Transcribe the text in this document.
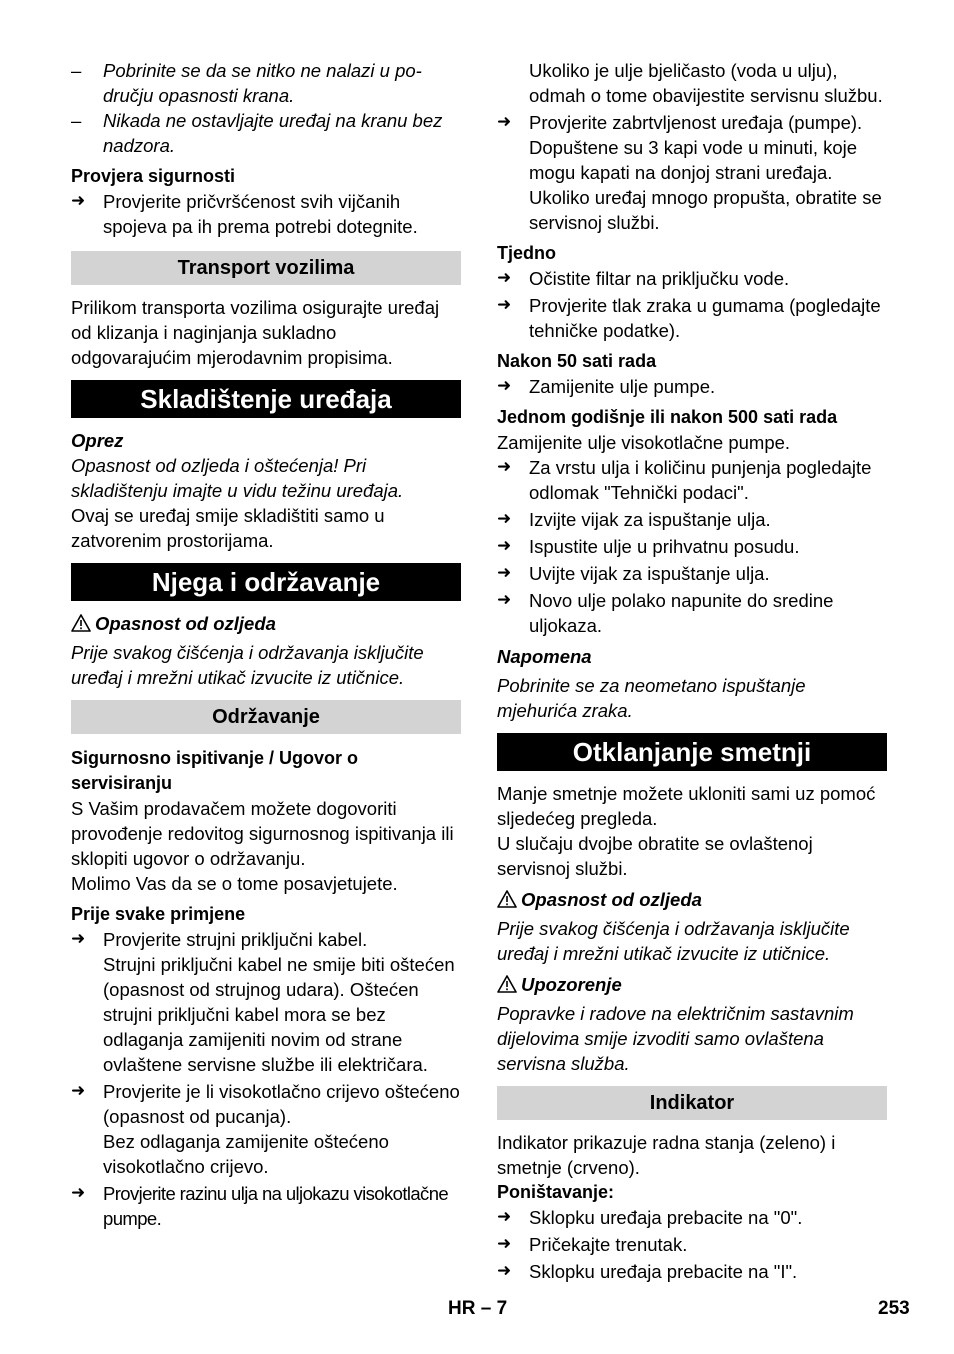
– Pobrinite se da se nitko ne nalazi u po-dručju opasnosti krana.
– Nikada ne ostavljajte uređaj na kranu bez nadzora.
Provjera sigurnosti
➜ Provjerite pričvršćenost svih vijčanih spojeva pa ih prema potrebi dotegnite.
Transport vozilima

Prilikom transporta vozilima osigurajte uređaj od klizanja i naginjanja sukladno odgovarajućim mjerodavnim propisima.

Skladištenje uređaja
Oprez

Opasnost od ozljeda i oštećenja! Pri skladištenju imajte u vidu težinu uređaja.

Ovaj se uređaj smije skladištiti samo u zatvorenim prostorijama.

Njega i održavanje
Opasnost od ozljeda

Prije svakog čišćenja i održavanja isključite uređaj i mrežni utikač izvucite iz utičnice.

Održavanje
Sigurnosno ispitivanje / Ugovor o servisiranju

S Vašim prodavačem možete dogovoriti provođenje redovitog sigurnosnog ispitivanja ili sklopiti ugovor o održavanju.

Molimo Vas da se o tome posavjetujete.

Prije svake primjene
➜ Provjerite strujni priključni kabel.

Strujni priključni kabel ne smije biti oštećen (opasnost od strujnog udara). Oštećen strujni priključni kabel mora se bez odlaganja zamijeniti novim od strane ovlaštene servisne službe ili električara.

➜ Provjerite je li visokotlačno crijevo oštećeno (opasnost od pucanja).

Bez odlaganja zamijenite oštećeno visokotlačno crijevo.

➜ Provjerite razinu ulja na uljokazu visokotlačne pumpe.

Ukoliko je ulje bjeličasto (voda u ulju), odmah o tome obavijestite servisnu službu.

➜ Provjerite zabrtvljenost uređaja (pumpe).

Dopuštene su 3 kapi vode u minuti, koje mogu kapati na donjoj strani uređaja. Ukoliko uređaj mnogo propušta, obratite se servisnoj službi.

Tjedno
➜ Očistite filtar na priključku vode.
➜ Provjerite tlak zraka u gumama (pogledajte tehničke podatke).
Nakon 50 sati rada
➜ Zamijenite ulje pumpe.
Jednom godišnje ili nakon 500 sati rada

Zamijenite ulje visokotlačne pumpe.

➜ Za vrstu ulja i količinu punjenja pogledajte odlomak "Tehnički podaci".
➜ Izvijte vijak za ispuštanje ulja.
➜ Ispustite ulje u prihvatnu posudu.
➜ Uvijte vijak za ispuštanje ulja.
➜ Novo ulje polako napunite do sredine uljokaza.
Napomena

Pobrinite se za neometano ispuštanje mjehurića zraka.

Otklanjanje smetnji

Manje smetnje možete ukloniti sami uz pomoć sljedećeg pregleda.

U slučaju dvojbe obratite se ovlaštenoj servisnoj službi.

Opasnost od ozljeda

Prije svakog čišćenja i održavanja isključite uređaj i mrežni utikač izvucite iz utičnice.

Upozorenje

Popravke i radove na električnim sastavnim dijelovima smije izvoditi samo ovlaštena servisna služba.

Indikator

Indikator prikazuje radna stanja (zeleno) i smetnje (crveno).

Poništavanje:
➜ Sklopku uređaja prebacite na "0".
➜ Pričekajte trenutak.
➜ Sklopku uređaja prebacite na "I".
HR – 7	253
